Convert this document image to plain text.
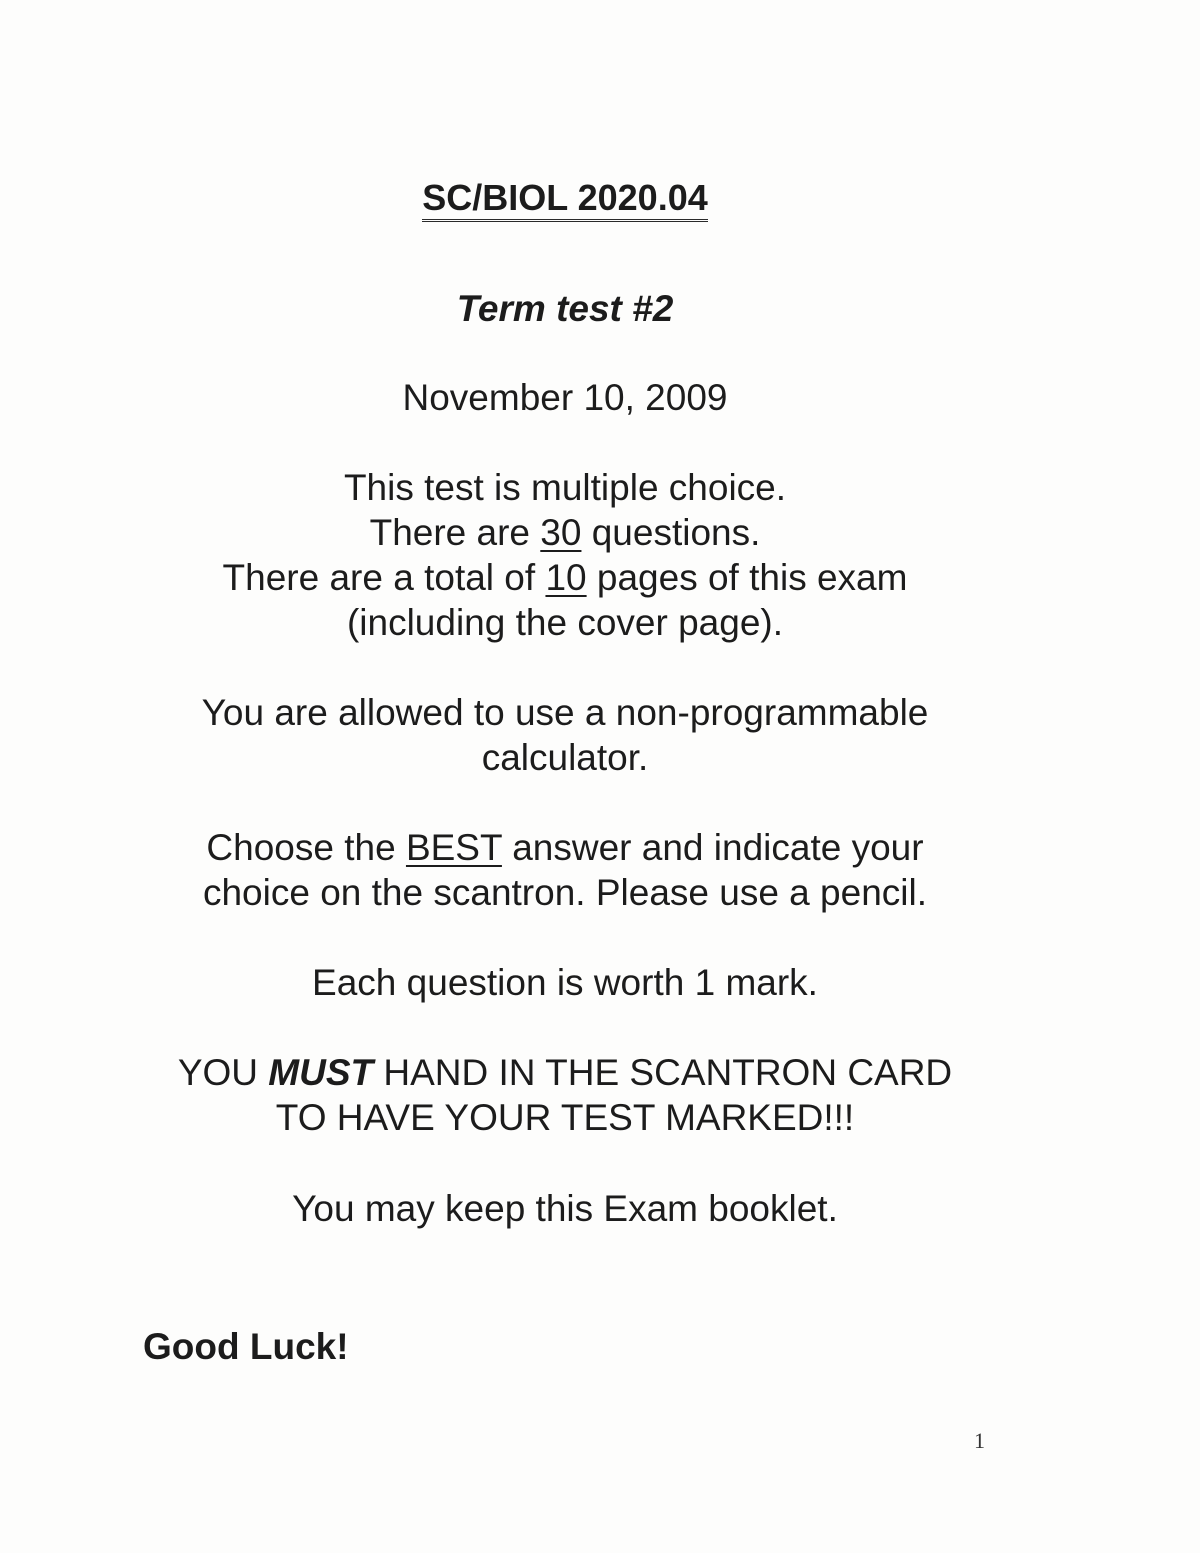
SC/BIOL 2020.04
Term test #2
November 10, 2009
This test is multiple choice.
There are 30 questions.
There are a total of 10 pages of this exam
(including the cover page).
You are allowed to use a non-programmable
calculator.
Choose the BEST answer and indicate your
choice on the scantron. Please use a pencil.
Each question is worth 1 mark.
YOU MUST HAND IN THE SCANTRON CARD
TO HAVE YOUR TEST MARKED!!!
You may keep this Exam booklet.
Good Luck!
1
